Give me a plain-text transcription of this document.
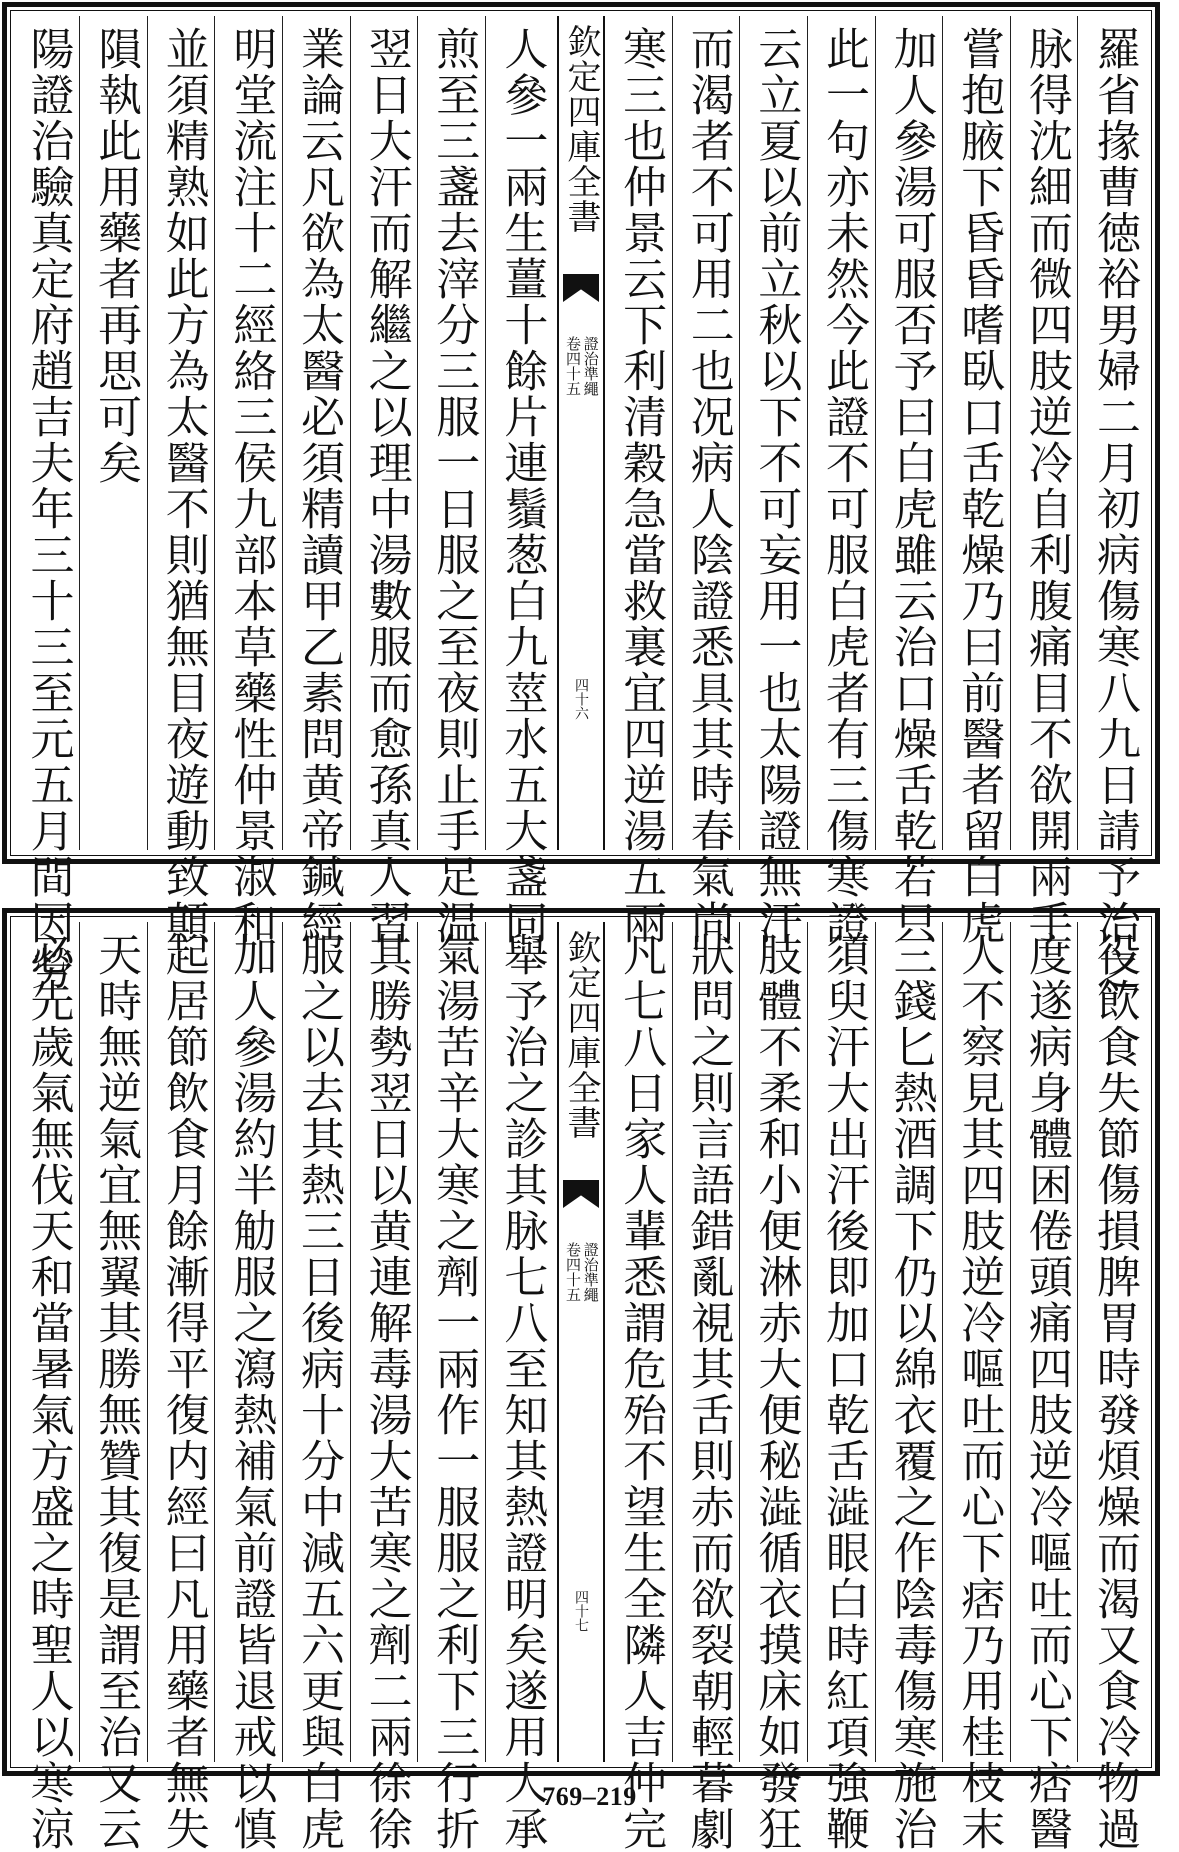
羅省掾曹徳裕男婦二月初病傷寒八九日請予治之
脉得沈細而微四肢逆冷自利腹痛目不欲開兩手
嘗抱腋下昏昏嗜臥口舌乾燥乃曰前醫者留白虎
加人參湯可服否予曰白虎雖云治口燥舌乾若只
此一句亦未然今此證不可服白虎者有三傷寒證
云立夏以前立秋以下不可妄用一也太陽證無汗
而渴者不可用二也况病人陰證悉具其時春氣尚
寒三也仲景云下利清穀急當救裏宜四逆湯五兩
欽定四庫全書
證治準繩
卷四十五
四十六
人參一兩生薑十餘片連鬚葱白九莖水五大盞同
煎至三盞去滓分三服一日服之至夜則止手足温
翌日大汗而解繼之以理中湯數服而愈孫真人習
業論云凡欲為太醫必須精讀甲乙素問黄帝鍼經
明堂流注十二經絡三侯九部本草藥性仲景淑和
並須精熟如此方為太醫不則猶無目夜遊動致顛
隕執此用藥者再思可矣
陽證治驗真定府趙吉夫年三十三至元五月間因勞
役飲食失節傷損脾胃時發煩燥而渴又食冷物過
度遂病身體困倦頭痛四肢逆冷嘔吐而心下痞醫
人不察見其四肢逆冷嘔吐而心下痞乃用桂枝末
三錢匕熱酒調下仍以綿衣覆之作陰毒傷寒施治
須臾汗大出汗後即加口乾舌澁眼白時紅項強鞭
肢體不柔和小便淋赤大便秘澁循衣摸床如發狂
狀問之則言語錯亂視其舌則赤而欲裂朝輕暮劇
凡七八日家人輩悉謂危殆不望生全隣人吉仲完
欽定四庫全書
證治準繩
卷四十五
四十七
舉予治之診其脉七八至知其熱證明矣遂用大承
氣湯苦辛大寒之劑一兩作一服服之利下三行折
其勝勢翌日以黄連解毒湯大苦寒之劑二兩徐徐
服之以去其熱三日後病十分中減五六更與白虎
加人參湯約半觔服之瀉熱補氣前證皆退戒以慎
起居節飲食月餘漸得平復内經曰凡用藥者無失
天時無逆氣宜無翼其勝無贊其復是謂至治又云
必先歲氣無伐天和當暑氣方盛之時聖人以寒涼	769–219
